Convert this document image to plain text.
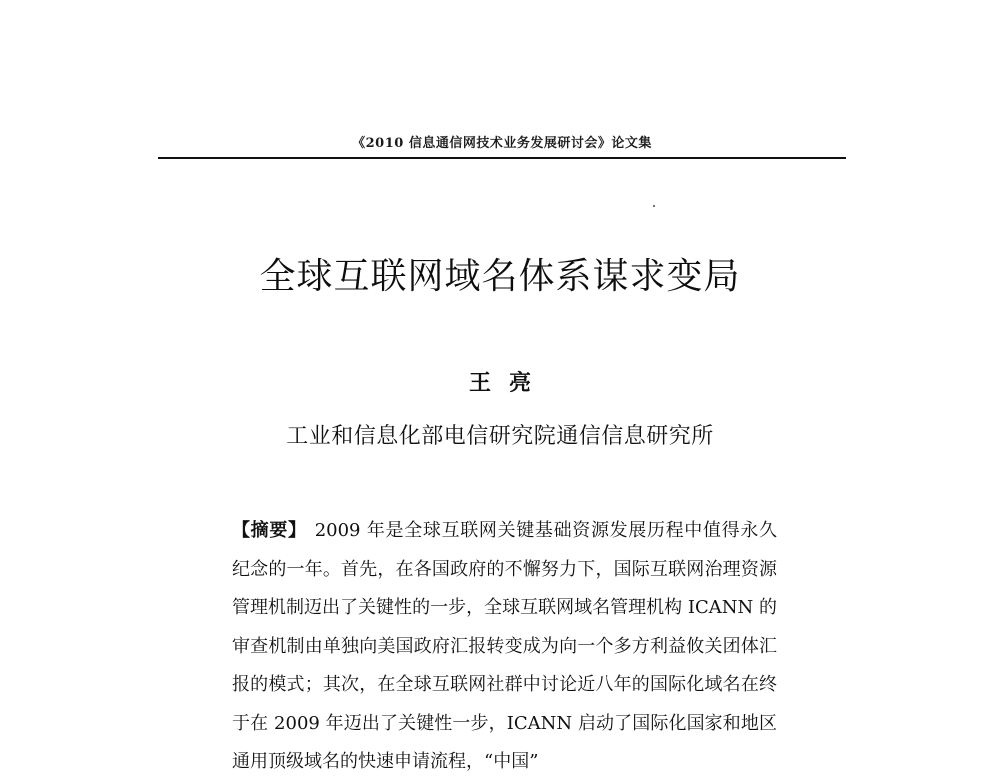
《2010 信息通信网技术业务发展研讨会》论文集
全球互联网域名体系谋求变局
王亮
工业和信息化部电信研究院通信信息研究所

【摘要】 2009 年是全球互联网关键基础资源发展历程中值得永久纪念的一年。首先，在各国政府的不懈努力下，国际互联网治理资源管理机制迈出了关键性的一步，全球互联网域名管理机构 ICANN 的审查机制由单独向美国政府汇报转变成为向一个多方利益攸关团体汇报的模式；其次，在全球互联网社群中讨论近八年的国际化域名在终于在 2009 年迈出了关键性一步，ICANN 启动了国际化国家和地区通用顶级域名的快速申请流程，“中国”
